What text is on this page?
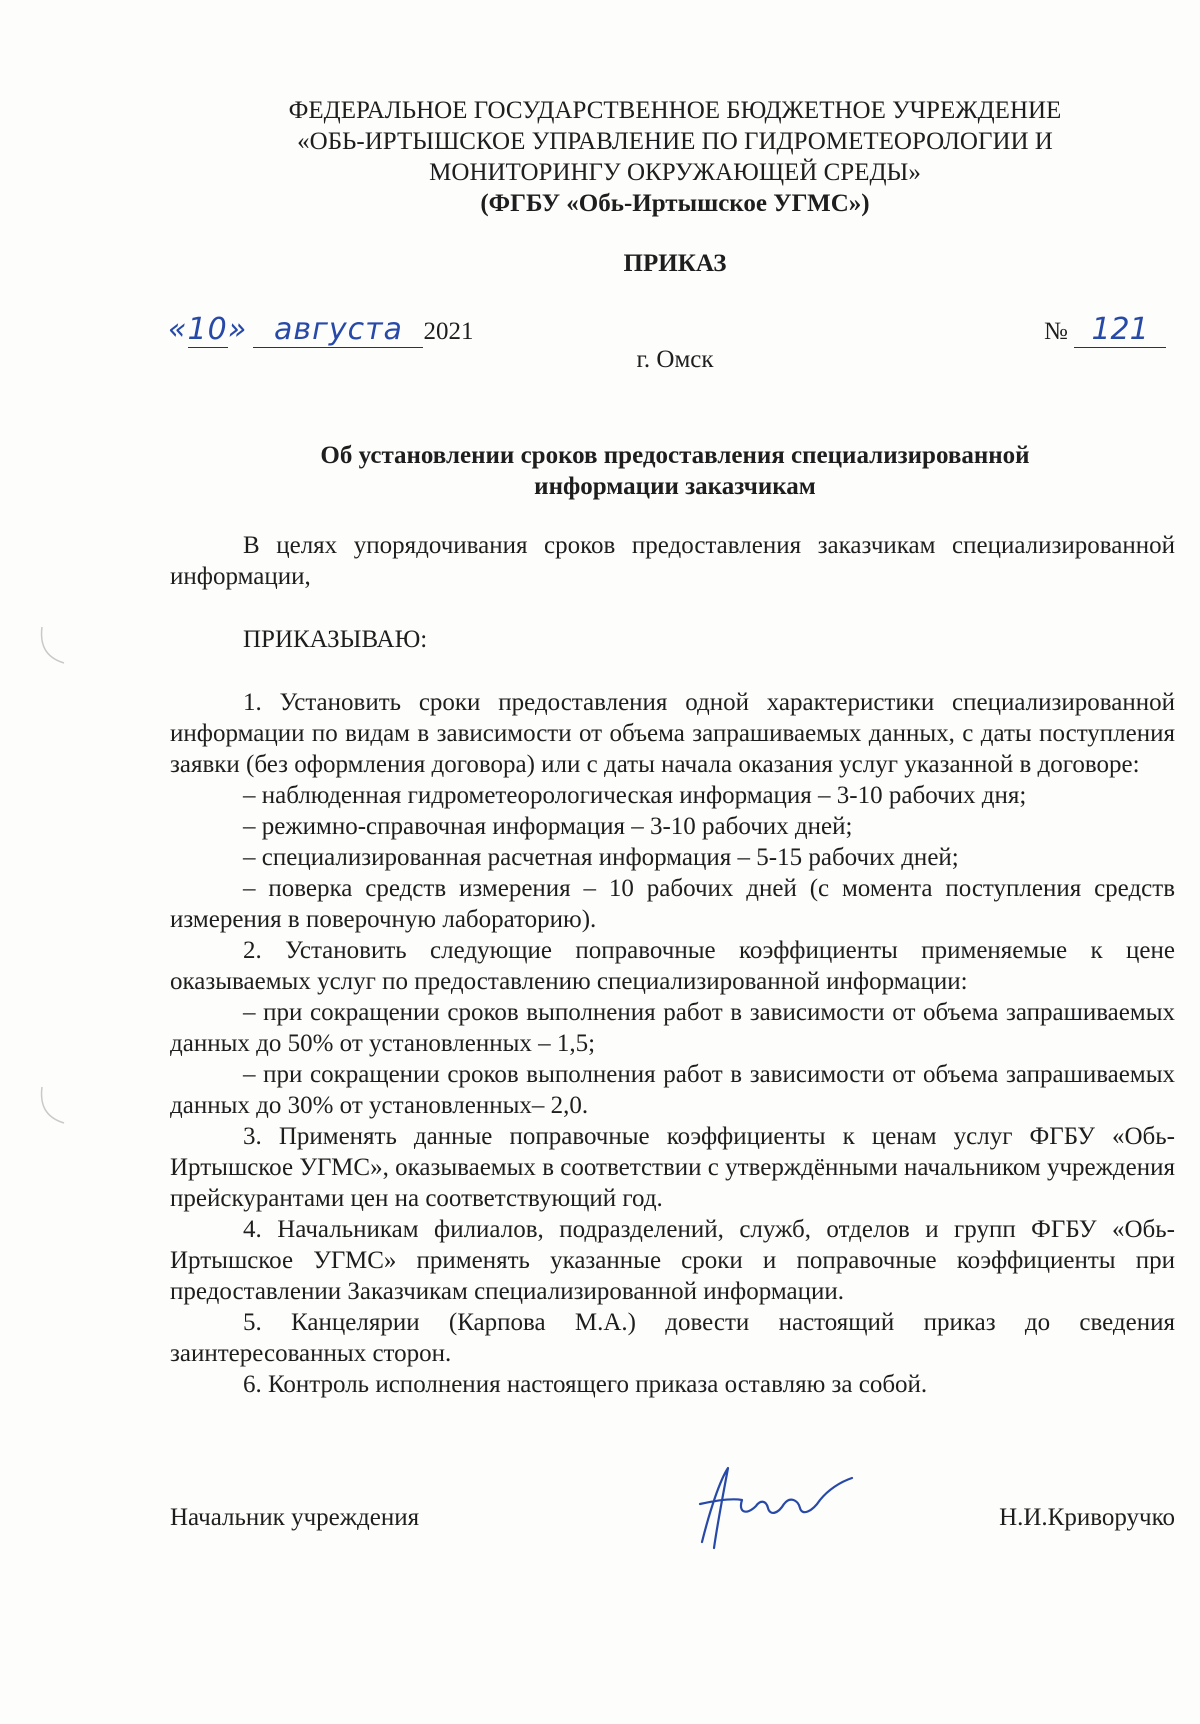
ФЕДЕРАЛЬНОЕ ГОСУДАРСТВЕННОЕ БЮДЖЕТНОЕ УЧРЕЖДЕНИЕ
«ОБЬ-ИРТЫШСКОЕ УПРАВЛЕНИЕ ПО ГИДРОМЕТЕОРОЛОГИИ И
МОНИТОРИНГУ ОКРУЖАЮЩЕЙ СРЕДЫ»
(ФГБУ «Обь-Иртышское УГМС»)
ПРИКАЗ
«10» августа 2021	№ 121
г. Омск
Об установлении сроков предоставления специализированной
информации заказчикам

В целях упорядочивания сроков предоставления заказчикам специализированной информации,

ПРИКАЗЫВАЮ:

1. Установить сроки предоставления одной характеристики специализированной информации по видам в зависимости от объема запрашиваемых данных, с даты поступления заявки (без оформления договора) или с даты начала оказания услуг указанной в договоре:

– наблюденная гидрометеорологическая информация – 3-10 рабочих дня;

– режимно-справочная информация – 3-10 рабочих дней;

– специализированная расчетная информация – 5-15 рабочих дней;

– поверка средств измерения – 10 рабочих дней (с момента поступления средств измерения в поверочную лабораторию).

2. Установить следующие поправочные коэффициенты применяемые к цене оказываемых услуг по предоставлению специализированной информации:

– при сокращении сроков выполнения работ в зависимости от объема запрашиваемых данных до 50% от установленных – 1,5;

– при сокращении сроков выполнения работ в зависимости от объема запрашиваемых данных до 30% от установленных– 2,0.

3. Применять данные поправочные коэффициенты к ценам услуг ФГБУ «Обь-Иртышское УГМС», оказываемых в соответствии с утверждёнными начальником учреждения прейскурантами цен на соответствующий год.

4. Начальникам филиалов, подразделений, служб, отделов и групп ФГБУ «Обь-Иртышское УГМС» применять указанные сроки и поправочные коэффициенты при предоставлении Заказчикам специализированной информации.

5. Канцелярии (Карпова М.А.) довести настоящий приказ до сведения заинтересованных сторон.

6. Контроль исполнения настоящего приказа оставляю за собой.

Начальник учреждения	Н.И.Криворучко
